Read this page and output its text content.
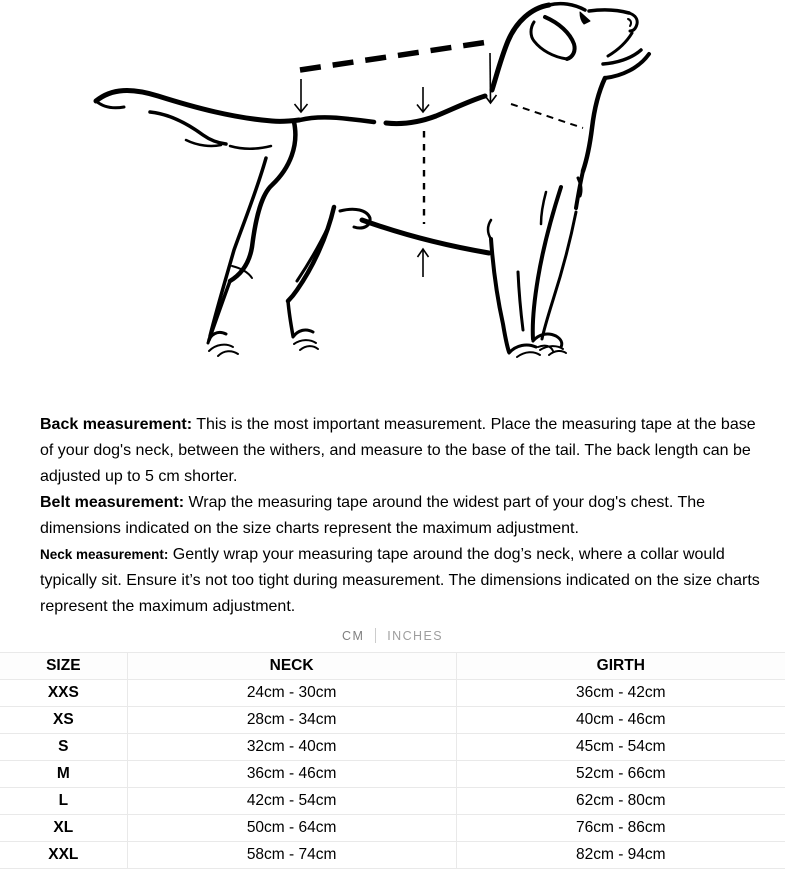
Back measurement: This is the most important measurement. Place the measuring tape at the base of your dog's neck, between the withers, and measure to the base of the tail. The back length can be adjusted up to 5 cm shorter.

Belt measurement: Wrap the measuring tape around the widest part of your dog's chest. The dimensions indicated on the size charts represent the maximum adjustment.

Neck measurement: Gently wrap your measuring tape around the dog’s neck, where a collar would typically sit. Ensure it’s not too tight during measurement. The dimensions indicated on the size charts represent the maximum adjustment.

CM INCHES
SIZE	NECK	GIRTH
XXS	24cm - 30cm	36cm - 42cm
XS	28cm - 34cm	40cm - 46cm
S	32cm - 40cm	45cm - 54cm
M	36cm - 46cm	52cm - 66cm
L	42cm - 54cm	62cm - 80cm
XL	50cm - 64cm	76cm - 86cm
XXL	58cm - 74cm	82cm - 94cm
